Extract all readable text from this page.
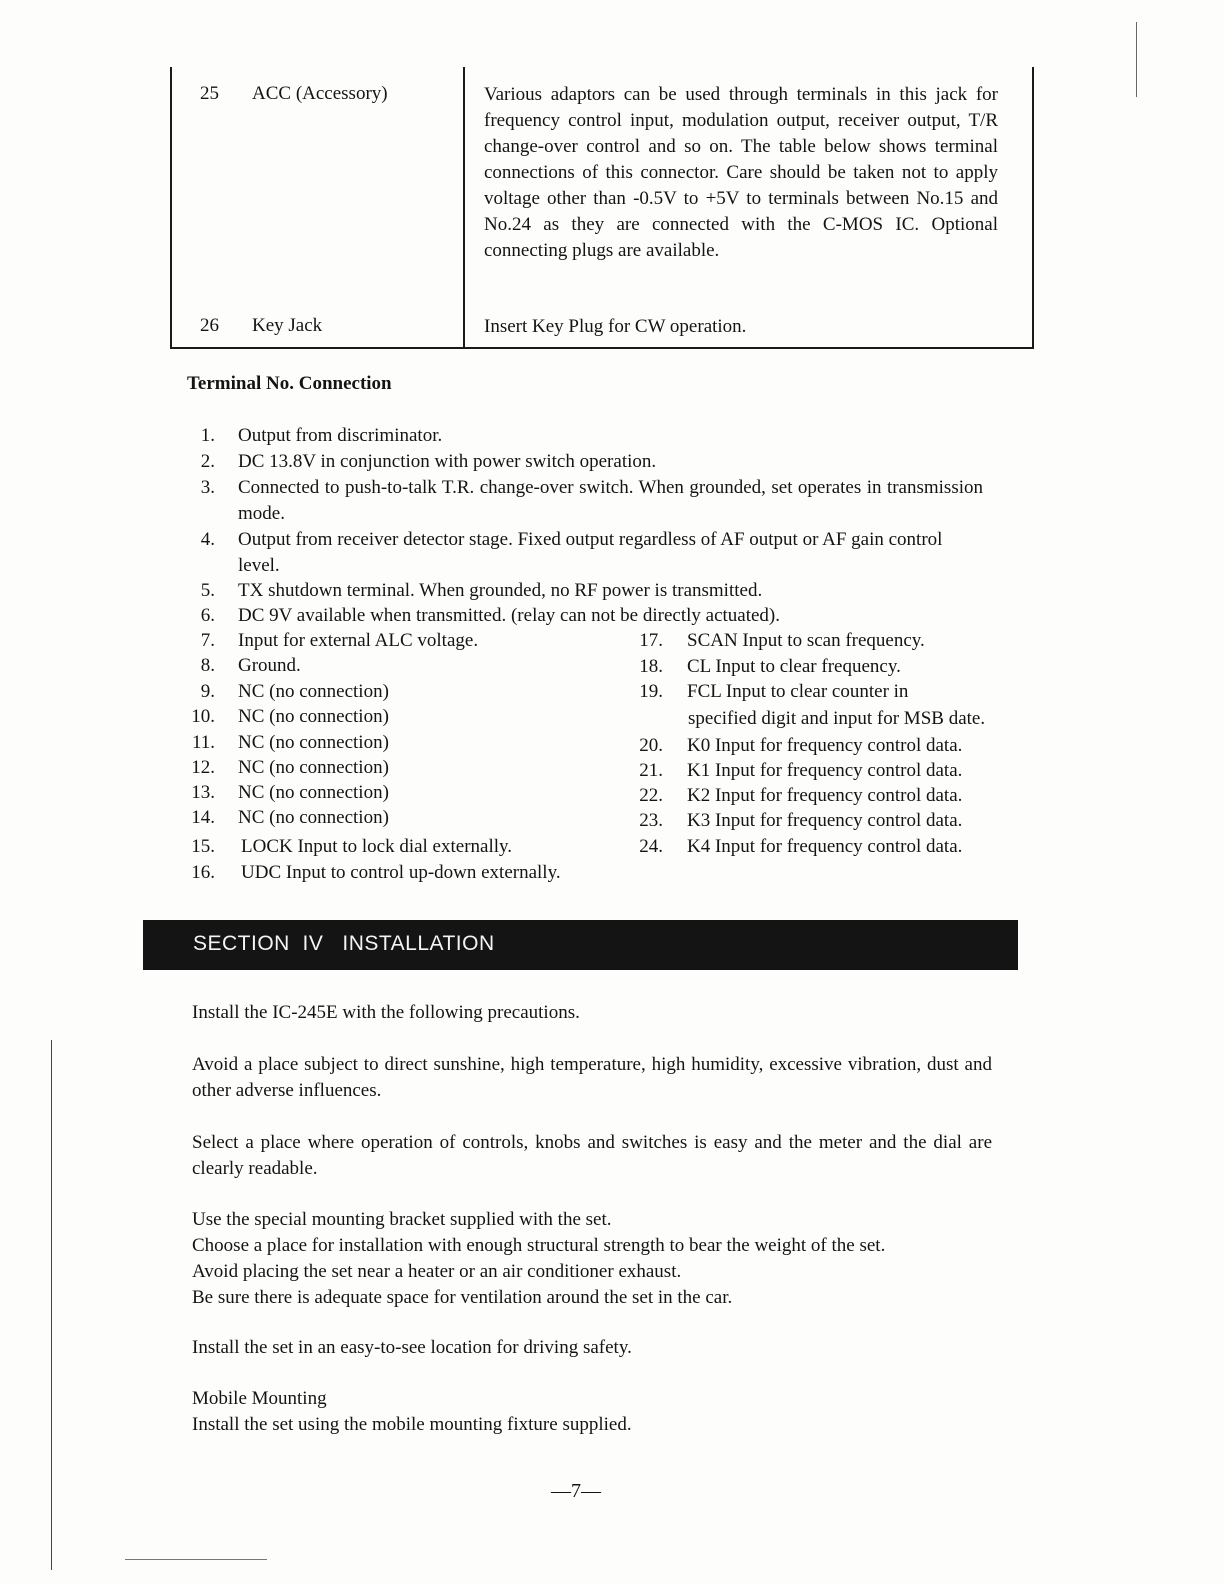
25 ACC (Accessory)	Various adaptors can be used through terminals in this jack for frequency control input, modulation output, receiver output, T/R change-over control and so on. The table below shows terminal connections of this connector. Care should be taken not to apply voltage other than -0.5V to +5V to terminals between No.15 and No.24 as they are connected with the C-MOS IC. Optional connecting plugs are available.
26 Key Jack	Insert Key Plug for CW operation.
Terminal No. Connection
1. Output from discriminator.
2. DC 13.8V in conjunction with power switch operation.
3. Connected to push-to-talk T.R. change-over switch. When grounded, set operates in transmission mode.
4. Output from receiver detector stage. Fixed output regardless of AF output or AF gain control level.
5. TX shutdown terminal. When grounded, no RF power is transmitted.
6. DC 9V available when transmitted. (relay can not be directly actuated).
7. Input for external ALC voltage.
8. Ground.
9. NC (no connection)
10. NC (no connection)
11. NC (no connection)
12. NC (no connection)
13. NC (no connection)
14. NC (no connection)
15. LOCK Input to lock dial externally.
16. UDC Input to control up-down externally.
17. SCAN Input to scan frequency.
18. CL Input to clear frequency.
19. FCL Input to clear counter in
specified digit and input for MSB date.
20. K0 Input for frequency control data.
21. K1 Input for frequency control data.
22. K2 Input for frequency control data.
23. K3 Input for frequency control data.
24. K4 Input for frequency control data.
SECTION  IV   INSTALLATION
Install the IC-245E with the following precautions.
Avoid a place subject to direct sunshine, high temperature, high humidity, excessive vibration, dust and other adverse influences.
Select a place where operation of controls, knobs and switches is easy and the meter and the dial are clearly readable.
Use the special mounting bracket supplied with the set.
Choose a place for installation with enough structural strength to bear the weight of the set.
Avoid placing the set near a heater or an air conditioner exhaust.
Be sure there is adequate space for ventilation around the set in the car.
Install the set in an easy-to-see location for driving safety.
Mobile Mounting
Install the set using the mobile mounting fixture supplied.
—7—
